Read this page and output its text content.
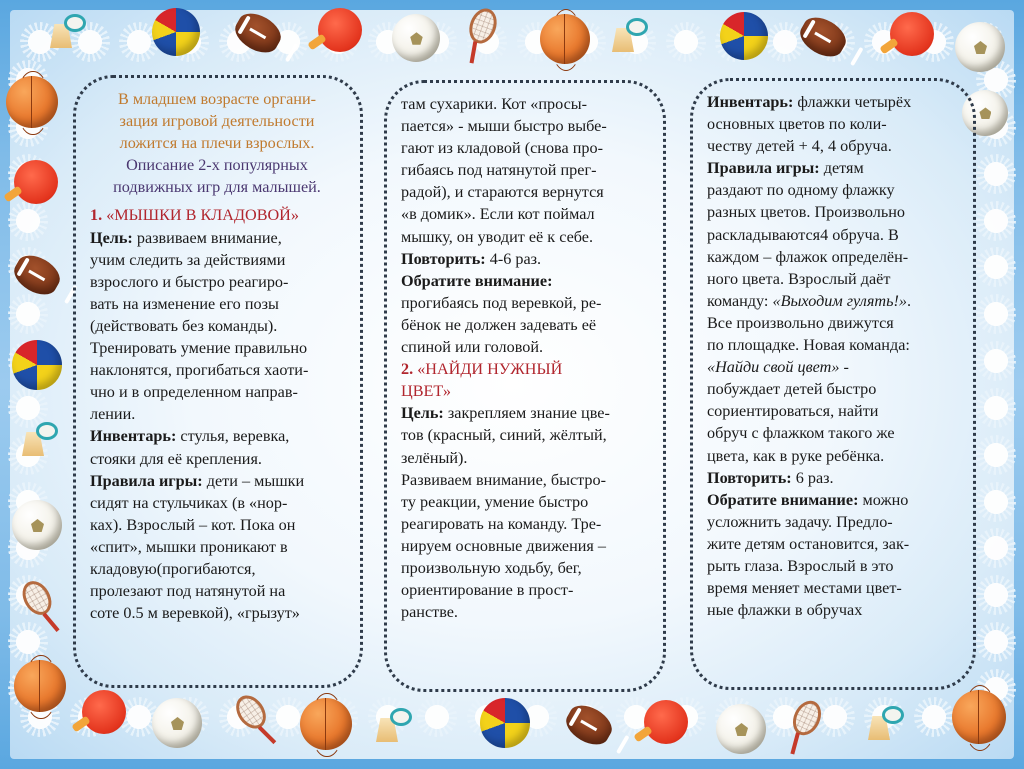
В младшем возрасте органи-
зация игровой деятельности
ложится на плечи взрослых.
Описание 2-х популярных
подвижных игр для малышей.
1. «МЫШКИ В КЛАДОВОЙ»
Цель: развиваем внимание,
учим следить за действиями
взрослого и быстро реагиро-
вать на изменение его позы
(действовать без команды).
Тренировать умение правильно
наклонятся, прогибаться хаоти-
чно и в определенном направ-
лении.
Инвентарь: стулья, веревка,
стояки для её крепления.
Правила игры: дети – мышки
сидят на стульчиках (в «нор-
ках). Взрослый – кот. Пока он
«спит», мышки проникают в
кладовую(прогибаются,
пролезают под натянутой на
соте 0.5 м веревкой), «грызут»
там сухарики. Кот «просы-
пается» - мыши быстро выбе-
гают из кладовой (снова про-
гибаясь под натянутой прег-
радой), и стараются вернутся
«в домик». Если кот поймал
мышку, он уводит её к себе.
Повторить: 4-6 раз.
Обратите внимание:
прогибаясь под веревкой, ре-
бёнок не должен задевать её
спиной или головой.
2. «НАЙДИ НУЖНЫЙ
ЦВЕТ»
Цель: закрепляем знание цве-
тов (красный, синий, жёлтый,
зелёный).
Развиваем внимание, быстро-
ту реакции, умение быстро
реагировать на команду. Тре-
нируем основные движения –
произвольную ходьбу, бег,
ориентирование в прост-
ранстве.
Инвентарь: флажки четырёх
основных цветов по коли-
честву детей + 4, 4 обруча.
Правила игры: детям
раздают по одному флажку
разных цветов. Произвольно
раскладываются4 обруча. В
каждом – флажок определён-
ного цвета. Взрослый даёт
команду: «Выходим гулять!».
Все произвольно движутся
по площадке. Новая команда:
«Найди свой цвет» -
побуждает детей быстро
сориентироваться, найти
обруч с флажком такого же
цвета, как в руке ребёнка.
Повторить: 6 раз.
Обратите внимание: можно
усложнить задачу. Предло-
жите детям остановится, зак-
рыть глаза. Взрослый в это
время меняет местами цвет-
ные флажки в обручах
